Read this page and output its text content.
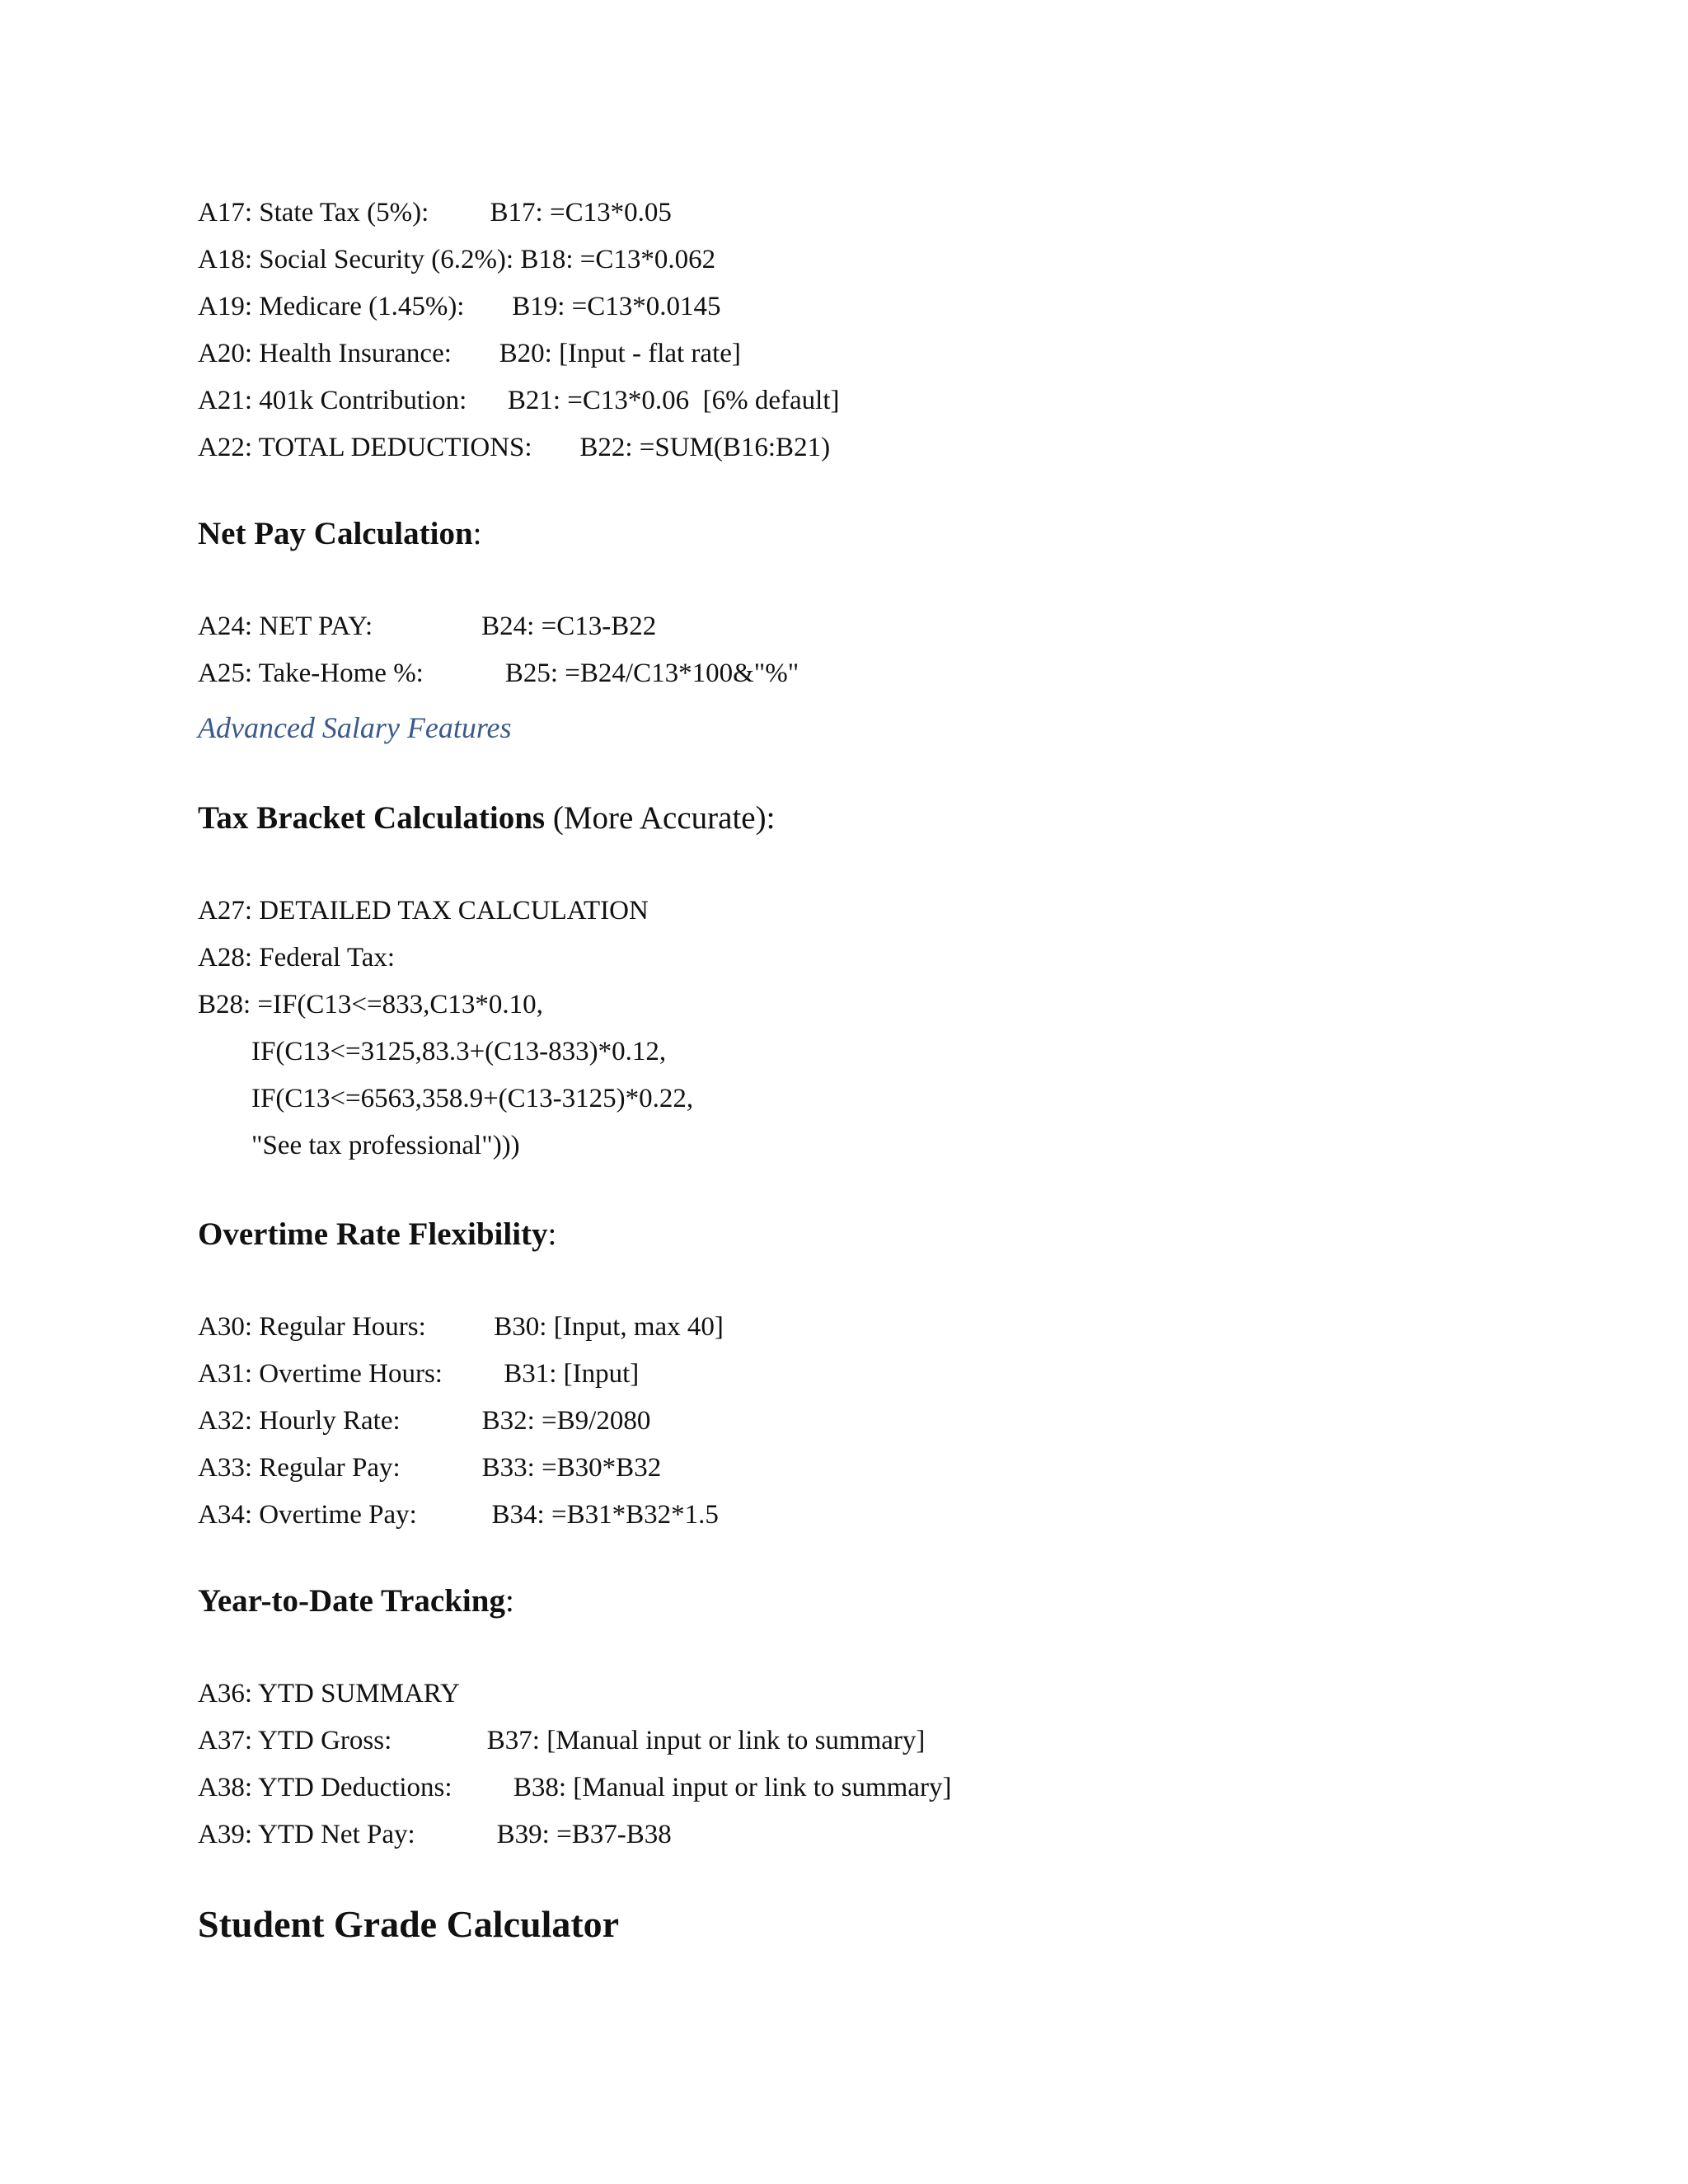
A17: State Tax (5%):         B17: =C13*0.05

A18: Social Security (6.2%): B18: =C13*0.062

A19: Medicare (1.45%):       B19: =C13*0.0145

A20: Health Insurance:       B20: [Input - flat rate]

A21: 401k Contribution:      B21: =C13*0.06  [6% default]

A22: TOTAL DEDUCTIONS:       B22: =SUM(B16:B21)

Net Pay Calculation:

A24: NET PAY:                B24: =C13-B22

A25: Take-Home %:            B25: =B24/C13*100&"%"

Advanced Salary Features

Tax Bracket Calculations (More Accurate):

A27: DETAILED TAX CALCULATION

A28: Federal Tax:

B28: =IF(C13<=833,C13*0.10,

IF(C13<=3125,83.3+(C13-833)*0.12,

IF(C13<=6563,358.9+(C13-3125)*0.22,

"See tax professional")))

Overtime Rate Flexibility:

A30: Regular Hours:          B30: [Input, max 40]

A31: Overtime Hours:         B31: [Input]

A32: Hourly Rate:            B32: =B9/2080

A33: Regular Pay:            B33: =B30*B32

A34: Overtime Pay:           B34: =B31*B32*1.5

Year-to-Date Tracking:

A36: YTD SUMMARY

A37: YTD Gross:              B37: [Manual input or link to summary]

A38: YTD Deductions:         B38: [Manual input or link to summary]

A39: YTD Net Pay:            B39: =B37-B38

Student Grade Calculator
